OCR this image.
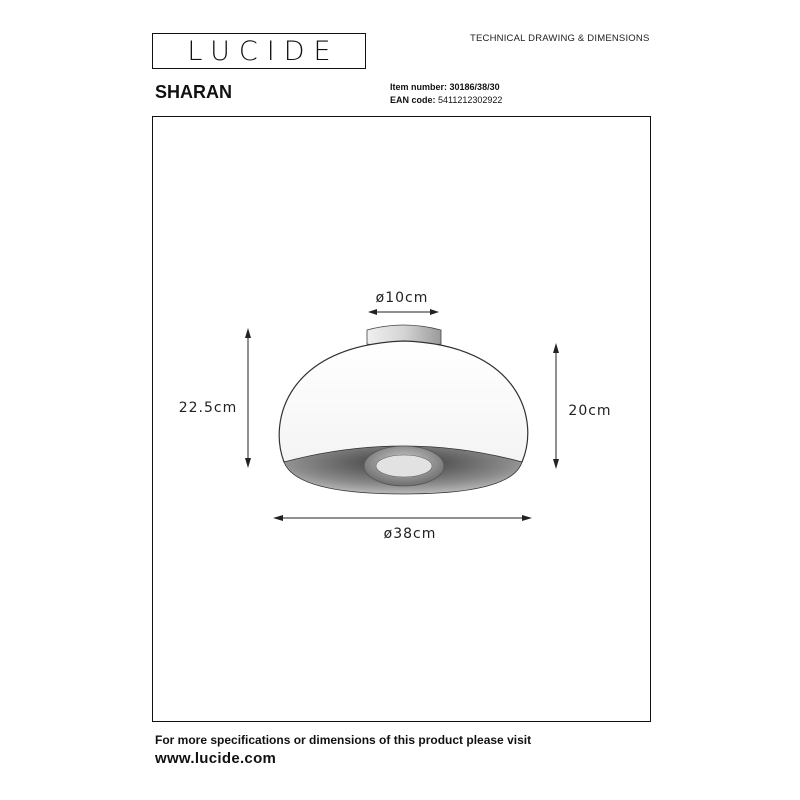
LUCIDE	TECHNICAL DRAWING & DIMENSIONS
SHARAN	Item number: 30186/38/30
EAN code: 5411212302922
ø10cm
22.5cm	20cm
ø38cm
For more specifications or dimensions of this product please visit
www.lucide.com
